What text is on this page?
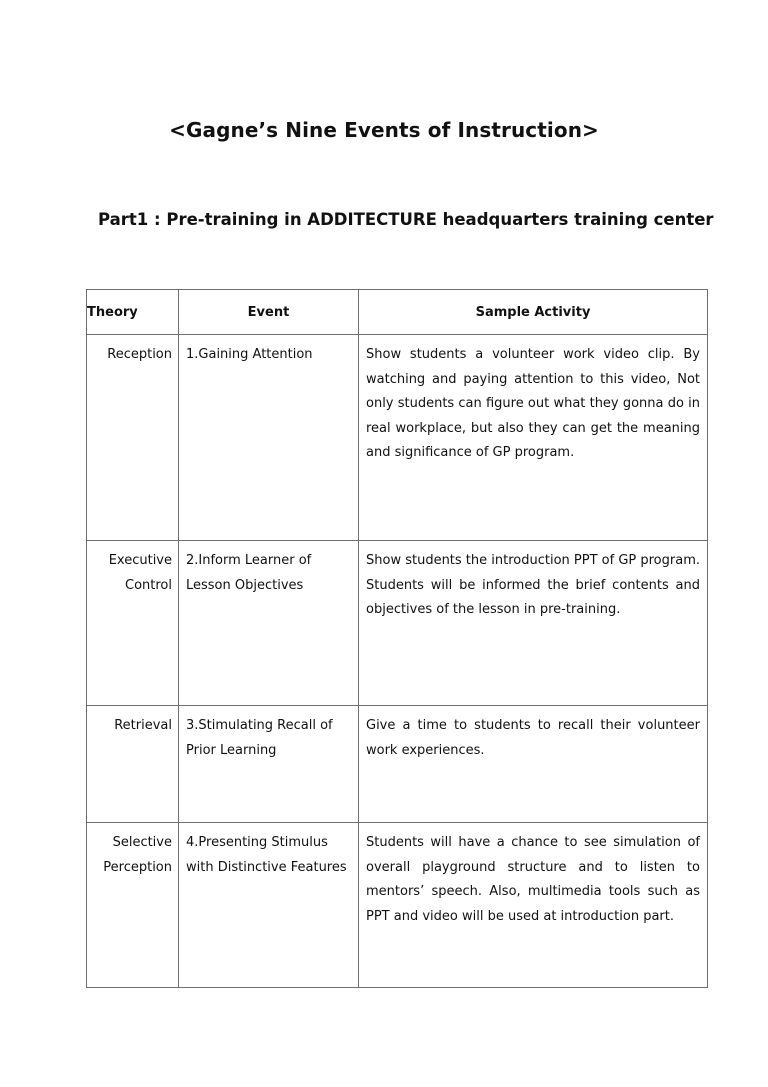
<Gagne’s Nine Events of Instruction>
Part1 : Pre-training in ADDITECTURE headquarters training center
Theory	Event	Sample Activity
Reception	1.Gaining Attention	Show students a volunteer work video clip. By watching and paying attention to this video, Not only students can figure out what they gonna do in real workplace, but also they can get the meaning and significance of GP program.
Executive Control	2.Inform Learner of Lesson Objectives	Show students the introduction PPT of GP program. Students will be informed the brief contents and objectives of the lesson in pre-training.
Retrieval	3.Stimulating Recall of Prior Learning	Give a time to students to recall their volunteer work experiences.
Selective Perception	4.Presenting Stimulus with Distinctive Features	Students will have a chance to see simulation of overall playground structure and to listen to mentors’ speech. Also, multimedia tools such as PPT and video will be used at introduction part.
